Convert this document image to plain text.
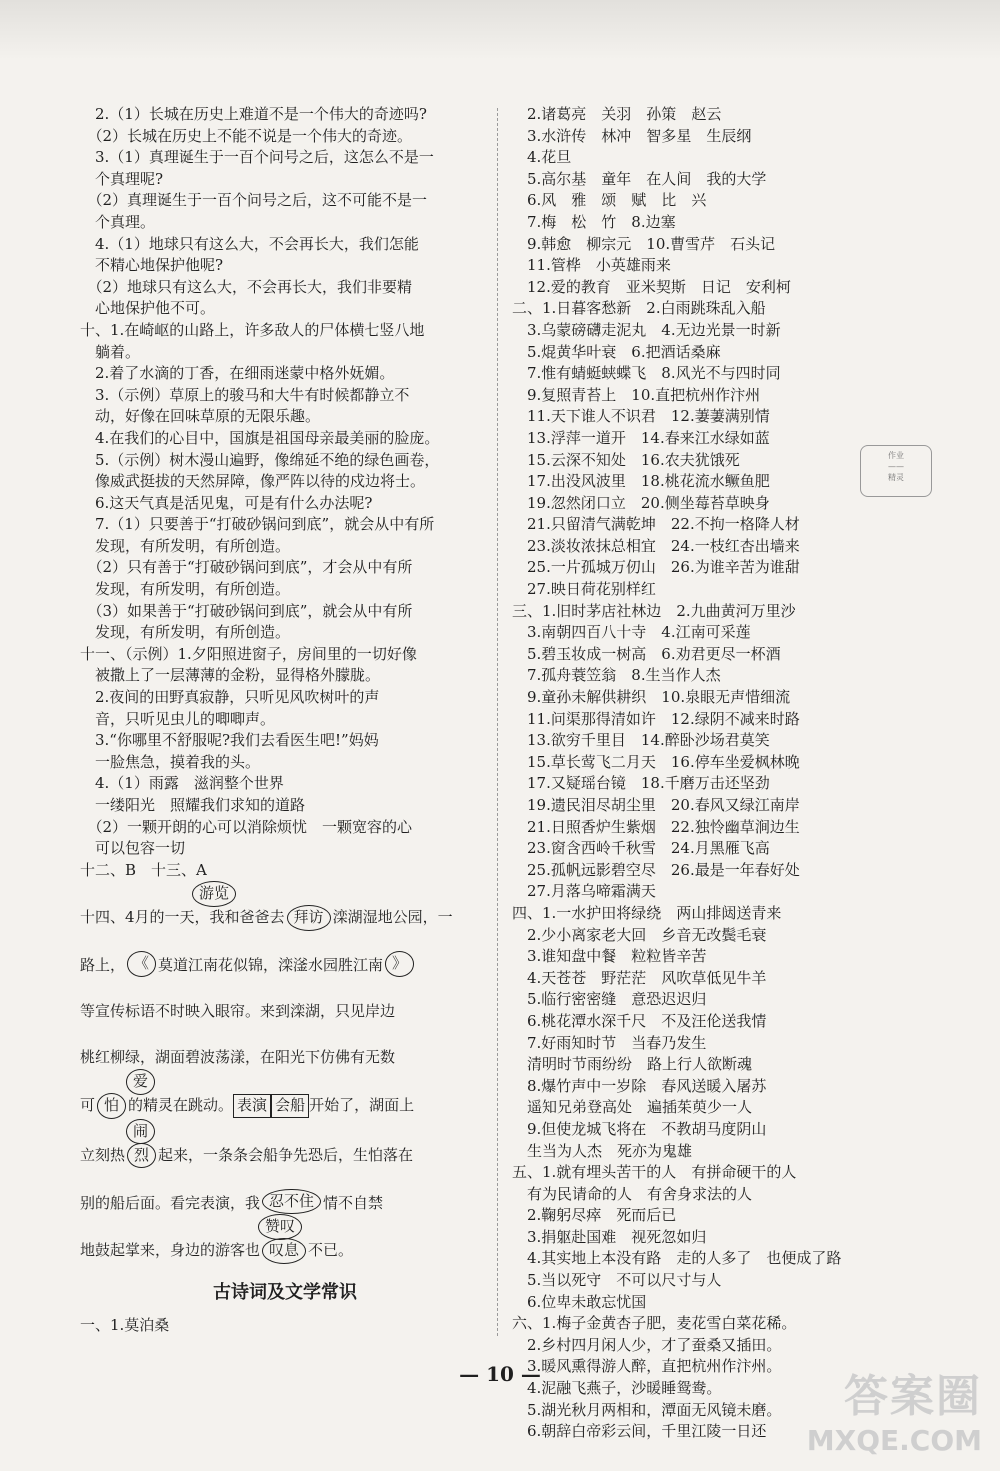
　2.（1）长城在历史上难道不是一个伟大的奇迹吗?
　（2）长城在历史上不能不说是一个伟大的奇迹。
　3.（1）真理诞生于一百个问号之后，这怎么不是一
　个真理呢?
　（2）真理诞生于一百个问号之后，这不可能不是一
　个真理。
　4.（1）地球只有这么大，不会再长大，我们怎能
　不精心地保护他呢?
　（2）地球只有这么大，不会再长大，我们非要精
　心地保护他不可。
十、1.在崎岖的山路上，许多敌人的尸体横七竖八地
　躺着。
　2.着了水滴的丁香，在细雨迷蒙中格外妩媚。
　3.（示例）草原上的骏马和大牛有时候都静立不
　动，好像在回味草原的无限乐趣。
　4.在我们的心目中，国旗是祖国母亲最美丽的脸庞。
　5.（示例）树木漫山遍野，像绵延不绝的绿色画卷，
　像威武挺拔的天然屏障，像严阵以待的戍边将士。
　6.这天气真是活见鬼，可是有什么办法呢?
　7.（1）只要善于“打破砂锅问到底”，就会从中有所
　发现，有所发明，有所创造。
　（2）只有善于“打破砂锅问到底”，才会从中有所
　发现，有所发明，有所创造。
　（3）如果善于“打破砂锅问到底”，就会从中有所
　发现，有所发明，有所创造。
十一、（示例）1.夕阳照进窗子，房间里的一切好像
　被撒上了一层薄薄的金粉，显得格外朦胧。
　2.夜间的田野真寂静，只听见风吹树叶的声
　音，只听见虫儿的唧唧声。
　3.“你哪里不舒服呢?我们去看医生吧!”妈妈
　一脸焦急，摸着我的头。
　4.（1）雨露　滋润整个世界
　一缕阳光　照耀我们求知的道路
　（2）一颗开朗的心可以消除烦忧　一颗宽容的心
　可以包容一切
十二、B　十三、A
游览
十四、4月的一天，我和爸爸去 拜访 滦湖湿地公园，一
路上， 《 莫道江南花似锦，滦滏水园胜江南 》
等宣传标语不时映入眼帘。来到滦湖，只见岸边
桃红柳绿，湖面碧波荡漾，在阳光下仿佛有无数
爱
可 怕 的精灵在跳动。 表演 会船 开始了，湖面上
闹
立刻热 烈 起来，一条条会船争先恐后，生怕落在
别的船后面。看完表演，我 忍不住 情不自禁
赞叹
地鼓起掌来，身边的游客也 叹息 不已。
古诗词及文学常识
一、1.莫泊桑
　2.诸葛亮　关羽　孙策　赵云
　3.水浒传　林冲　智多星　生辰纲
　4.花旦
　5.高尔基　童年　在人间　我的大学
　6.风　雅　颂　赋　比　兴
　7.梅　松　竹　8.边塞
　9.韩愈　柳宗元　10.曹雪芹　石头记
　11.管桦　小英雄雨来
　12.爱的教育　亚米契斯　日记　安利柯
二、1.日暮客愁新　2.白雨跳珠乱入船
　3.乌蒙磅礴走泥丸　4.无边光景一时新
　5.焜黄华叶衰　6.把酒话桑麻
　7.惟有蜻蜓蛱蝶飞　8.风光不与四时同
　9.复照青苔上　10.直把杭州作汴州
　11.天下谁人不识君　12.萋萋满别情
　13.浮萍一道开　14.春来江水绿如蓝
　15.云深不知处　16.农夫犹饿死
　17.出没风波里　18.桃花流水鳜鱼肥
　19.忽然闭口立　20.侧坐莓苔草映身
　21.只留清气满乾坤　22.不拘一格降人材
　23.淡妆浓抹总相宜　24.一枝红杏出墙来
　25.一片孤城万仞山　26.为谁辛苦为谁甜
　27.映日荷花别样红
三、1.旧时茅店社林边　2.九曲黄河万里沙
　3.南朝四百八十寺　4.江南可采莲
　5.碧玉妆成一树高　6.劝君更尽一杯酒
　7.孤舟蓑笠翁　8.生当作人杰
　9.童孙未解供耕织　10.泉眼无声惜细流
　11.问渠那得清如许　12.绿阴不减来时路
　13.欲穷千里目　14.醉卧沙场君莫笑
　15.草长莺飞二月天　16.停车坐爱枫林晚
　17.又疑瑶台镜　18.千磨万击还坚劲
　19.遗民泪尽胡尘里　20.春风又绿江南岸
　21.日照香炉生紫烟　22.独怜幽草涧边生
　23.窗含西岭千秋雪　24.月黑雁飞高
　25.孤帆远影碧空尽　26.最是一年春好处
　27.月落乌啼霜满天
四、1.一水护田将绿绕　两山排闼送青来
　2.少小离家老大回　乡音无改鬓毛衰
　3.谁知盘中餐　粒粒皆辛苦
　4.天苍苍　野茫茫　风吹草低见牛羊
　5.临行密密缝　意恐迟迟归
　6.桃花潭水深千尺　不及汪伦送我情
　7.好雨知时节　当春乃发生
　清明时节雨纷纷　路上行人欲断魂
　8.爆竹声中一岁除　春风送暖入屠苏
　遥知兄弟登高处　遍插茱萸少一人
　9.但使龙城飞将在　不教胡马度阴山
　生当为人杰　死亦为鬼雄
五、1.就有埋头苦干的人　有拼命硬干的人
　有为民请命的人　有舍身求法的人
　2.鞠躬尽瘁　死而后已
　3.捐躯赴国难　视死忽如归
　4.其实地上本没有路　走的人多了　也便成了路
　5.当以死守　不可以尺寸与人
　6.位卑未敢忘忧国
六、1.梅子金黄杏子肥，麦花雪白菜花稀。
　2.乡村四月闲人少，才了蚕桑又插田。
　3.暖风熏得游人醉，直把杭州作汴州。
　4.泥融飞燕子，沙暖睡鸳鸯。
　5.湖光秋月两相和，潭面无风镜未磨。
　6.朝辞白帝彩云间，千里江陵一日还
作业
——
精灵
— 10 —	答案圈
MXQE.COM
